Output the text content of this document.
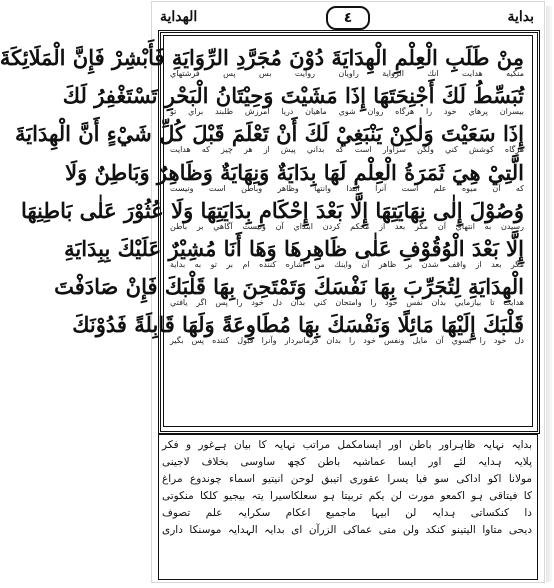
الهداية	٤	بداية
مِنْ طَلَبِ الْعِلْمِ الْهِدَايَةَ دُوْنَ مُجَرَّدِ الرِّوَايَةِ فَأَبْشِرْ فَإِنَّ الْمَلَائِكَةَ
منكيه هدايت انك الرواية راويان روايت بس پس فرشتهاي
تُبَسِّطُ لَكَ أَجْنِحَتَهَا إِذَا مَشَيْتَ وَحِيْتَانُ الْبَحْرِ تَسْتَغْفِرُ لَكَ
بيسران پرهاي خود را هرگاه روان شوي ماهيان دريا آمرزش طلبند براي تو
إِذَا سَعَيْتَ وَلٰكِنْ يَنْبَغِيْ لَكَ أَنْ تَعْلَمَ قَبْلَ كُلِّ شَيْءٍ أَنَّ الْهِدَايَةَ
هرگاه كوشش كني ولكن سزاوار است كه بداني پيش از هر چيز كه هدايت
الَّتِيْ هِيَ ثَمَرَةُ الْعِلْمِ لَهَا بِدَايَةٌ وَنِهَايَةٌ وَظَاهِرٌ وَبَاطِنٌ وَلَا
كه آن ميوه علم است آنرا ابتدا وانتها وظاهر وباطن است ونيست
وُصُوْلَ إِلٰى نِهَايَتِهَا إِلَّا بَعْدَ إِحْكَامِ بِدَايَتِهَا وَلَا عُثُوْرَ عَلٰى بَاطِنِهَا
رسيدن به انتهاي آن مگر بعد از محكم كردن ابتداي آن ونيست آگاهي بر باطن
إِلَّا بَعْدَ الْوُقُوْفِ عَلٰى ظَاهِرِهَا وَهَا أَنَا مُشِيْرٌ عَلَيْكَ بِبِدَايَةِ
مگر بعد از واقف شدن بر ظاهر آن واينك من اشاره كننده ام بر تو به بداية
الْهِدَايَةِ لِتُجَرِّبَ بِهَا نَفْسَكَ وَتَمْتَحِنَ بِهَا قَلْبَكَ فَإِنْ صَادَفْتَ
هدايت تا بيازمايي بدان نفس خود را وامتحان كني بدان دل خود را پس اگر يافتي
قَلْبَكَ إِلَيْهَا مَائِلًا وَنَفْسَكَ بِهَا مُطَاوِعَةً وَلَهَا قَابِلَةً فَدُوْنَكَ
دل خود را بسوي آن مايل ونفس خود را بدان فرمانبردار وآنرا قبول كننده پس بگير
بدایہ نہایہ ظاہراور باطن اور ایسامکمل مراتب نہایہ کا بیان ہےغور و فکر
پلایہ ہدایہ لئے اور ایسا عماشیہ باطن کچھ ساوسی بخلاف لاجینی
مولانا اکو اداکی سو فیا یسرا عقوری اتیبق لوحن انیتیو اسماء چوندوع مراغ
کا فیتاقی ہو اکمعو مورت لن یکم تربیتا ہو سعلکاسیرا یتہ بیجیو کلکا منکوتی
دا کنکساتی ہدایہ لن ابیہا ماجمیع اعکام سکرایہ علم تصوف
دیحی متاوا الیتینو کنکد ولن متی عماکی الزرآن ای بدایہ الہدایہ موسنکا داری
